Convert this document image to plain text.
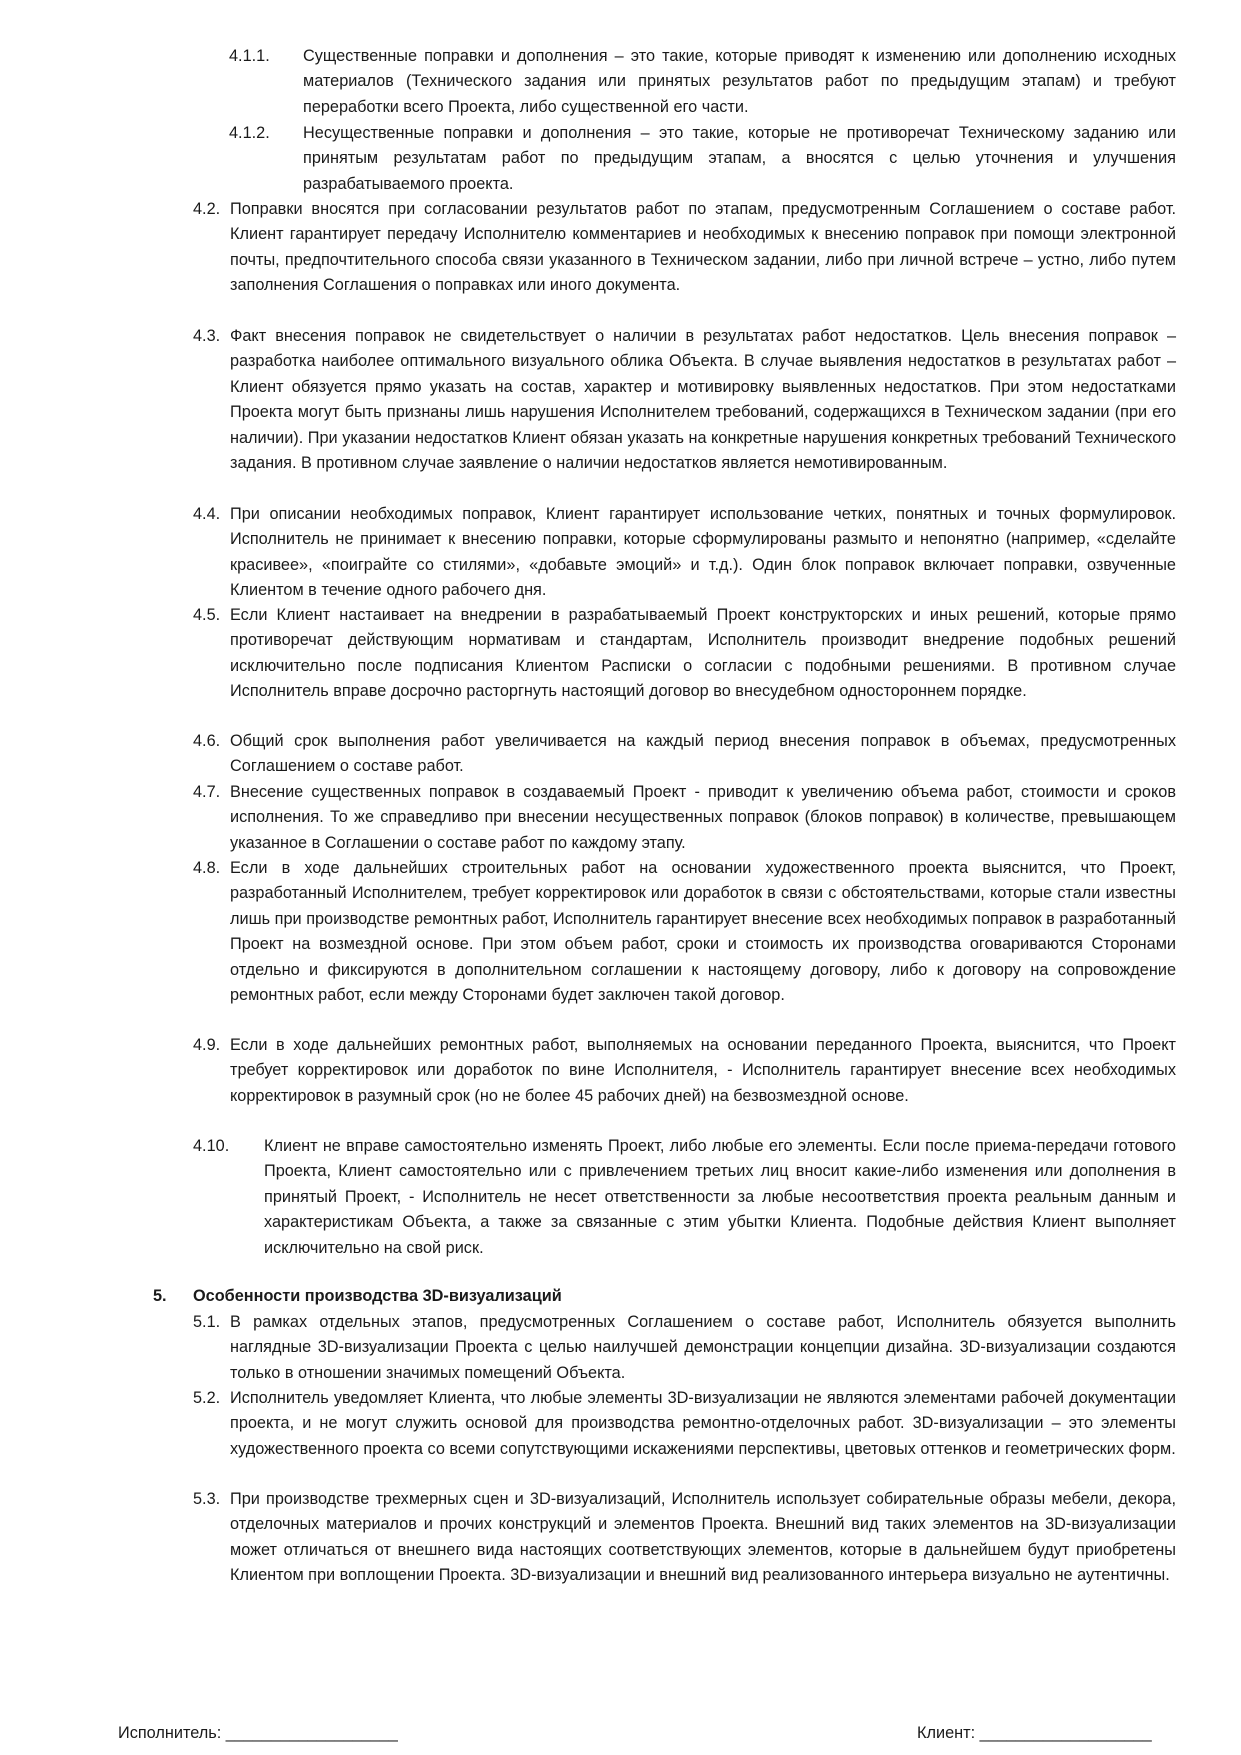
4.1.1.	Существенные поправки и дополнения – это такие, которые приводят к изменению или дополнению исходных материалов (Технического задания или принятых результатов работ по предыдущим этапам) и требуют переработки всего Проекта, либо существенной его части.
4.1.2.	Несущественные поправки и дополнения – это такие, которые не противоречат Техническому заданию или принятым результатам работ по предыдущим этапам, а вносятся с целью уточнения и улучшения разрабатываемого проекта.
4.2. Поправки вносятся при согласовании результатов работ по этапам, предусмотренным Соглашением о составе работ. Клиент гарантирует передачу Исполнителю комментариев и необходимых к внесению поправок при помощи электронной почты, предпочтительного способа связи указанного в Техническом задании, либо при личной встрече – устно, либо путем заполнения Соглашения о поправках или иного документа.
4.3. Факт внесения поправок не свидетельствует о наличии в результатах работ недостатков. Цель внесения поправок – разработка наиболее оптимального визуального облика Объекта. В случае выявления недостатков в результатах работ – Клиент обязуется прямо указать на состав, характер и мотивировку выявленных недостатков. При этом недостатками Проекта могут быть признаны лишь нарушения Исполнителем требований, содержащихся в Техническом задании (при его наличии). При указании недостатков Клиент обязан указать на конкретные нарушения конкретных требований Технического задания. В противном случае заявление о наличии недостатков является немотивированным.
4.4. При описании необходимых поправок, Клиент гарантирует использование четких, понятных и точных формулировок. Исполнитель не принимает к внесению поправки, которые сформулированы размыто и непонятно (например, «сделайте красивее», «поиграйте со стилями», «добавьте эмоций» и т.д.). Один блок поправок включает поправки, озвученные Клиентом в течение одного рабочего дня.
4.5. Если Клиент настаивает на внедрении в разрабатываемый Проект конструкторских и иных решений, которые прямо противоречат действующим нормативам и стандартам, Исполнитель производит внедрение подобных решений исключительно после подписания Клиентом Расписки о согласии с подобными решениями. В противном случае Исполнитель вправе досрочно расторгнуть настоящий договор во внесудебном одностороннем порядке.
4.6. Общий срок выполнения работ увеличивается на каждый период внесения поправок в объемах, предусмотренных Соглашением о составе работ.
4.7. Внесение существенных поправок в создаваемый Проект - приводит к увеличению объема работ, стоимости и сроков исполнения. То же справедливо при внесении несущественных поправок (блоков поправок) в количестве, превышающем указанное в Соглашении о составе работ по каждому этапу.
4.8. Если в ходе дальнейших строительных работ на основании художественного проекта выяснится, что Проект, разработанный Исполнителем, требует корректировок или доработок в связи с обстоятельствами, которые стали известны лишь при производстве ремонтных работ, Исполнитель гарантирует внесение всех необходимых поправок в разработанный Проект на возмездной основе. При этом объем работ, сроки и стоимость их производства оговариваются Сторонами отдельно и фиксируются в дополнительном соглашении к настоящему договору, либо к договору на сопровождение ремонтных работ, если между Сторонами будет заключен такой договор.
4.9. Если в ходе дальнейших ремонтных работ, выполняемых на основании переданного Проекта, выяснится, что Проект требует корректировок или доработок по вине Исполнителя, - Исполнитель гарантирует внесение всех необходимых корректировок в разумный срок (но не более 45 рабочих дней) на безвозмездной основе.
4.10.	Клиент не вправе самостоятельно изменять Проект, либо любые его элементы. Если после приема-передачи готового Проекта, Клиент самостоятельно или с привлечением третьих лиц вносит какие-либо изменения или дополнения в принятый Проект, - Исполнитель не несет ответственности за любые несоответствия проекта реальным данным и характеристикам Объекта, а также за связанные с этим убытки Клиента. Подобные действия Клиент выполняет исключительно на свой риск.
5.	Особенности производства 3D-визуализаций
5.1. В рамках отдельных этапов, предусмотренных Соглашением о составе работ, Исполнитель обязуется выполнить наглядные 3D-визуализации Проекта с целью наилучшей демонстрации концепции дизайна. 3D-визуализации создаются только в отношении значимых помещений Объекта.
5.2. Исполнитель уведомляет Клиента, что любые элементы 3D-визуализации не являются элементами рабочей документации проекта, и не могут служить основой для производства ремонтно-отделочных работ. 3D-визуализации – это элементы художественного проекта со всеми сопутствующими искажениями перспективы, цветовых оттенков и геометрических форм.
5.3. При производстве трехмерных сцен и 3D-визуализаций, Исполнитель использует собирательные образы мебели, декора, отделочных материалов и прочих конструкций и элементов Проекта. Внешний вид таких элементов на 3D-визуализации может отличаться от внешнего вида настоящих соответствующих элементов, которые в дальнейшем будут приобретены Клиентом при воплощении Проекта. 3D-визуализации и внешний вид реализованного интерьера визуально не аутентичны.
Исполнитель: ___________________	Клиент: ___________________
